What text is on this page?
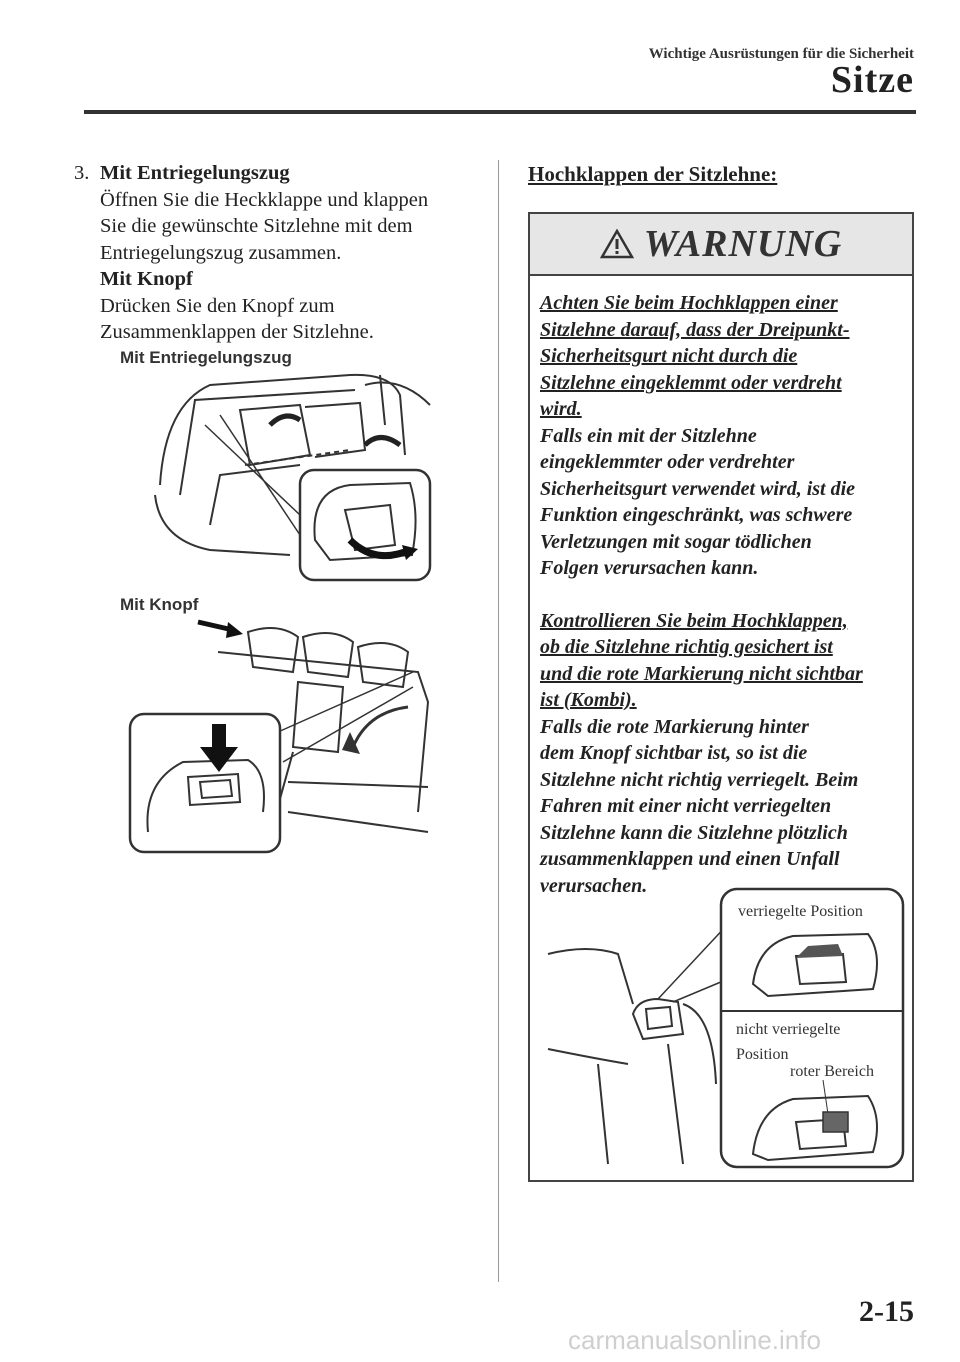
Wichtige Ausrüstungen für die Sicherheit
Sitze
3. Mit Entriegelungszug
Öffnen Sie die Heckklappe und klappen
Sie die gewünschte Sitzlehne mit dem
Entriegelungszug zusammen.
Mit Knopf
Drücken Sie den Knopf zum
Zusammenklappen der Sitzlehne.
Mit Entriegelungszug
Mit Knopf
Hochklappen der Sitzlehne:
WARNUNG

Achten Sie beim Hochklappen einer

Sitzlehne darauf, dass der Dreipunkt-

Sicherheitsgurt nicht durch die

Sitzlehne eingeklemmt oder verdreht

wird.

Falls ein mit der Sitzlehne

eingeklemmter oder verdrehter

Sicherheitsgurt verwendet wird, ist die

Funktion eingeschränkt, was schwere

Verletzungen mit sogar tödlichen

Folgen verursachen kann.

Kontrollieren Sie beim Hochklappen,

ob die Sitzlehne richtig gesichert ist

und die rote Markierung nicht sichtbar

ist (Kombi).

Falls die rote Markierung hinter

dem Knopf sichtbar ist, so ist die

Sitzlehne nicht richtig verriegelt. Beim

Fahren mit einer nicht verriegelten

Sitzlehne kann die Sitzlehne plötzlich

zusammenklappen und einen Unfall

verursachen.

verriegelte Position
nicht verriegelte
Position
roter Bereich
2-15
carmanualsonline.info
